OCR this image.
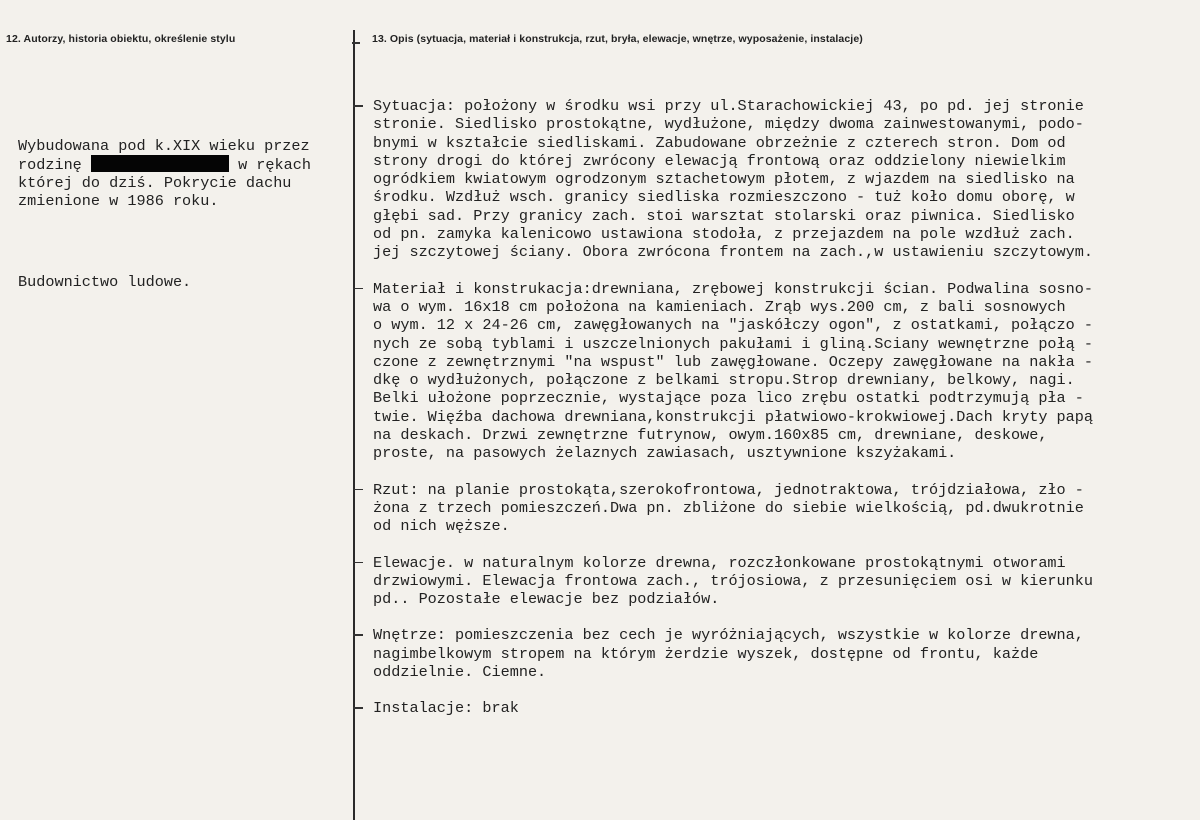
12. Autorzy, historia obiektu, określenie stylu	13. Opis (sytuacja, materiał i konstrukcja, rzut, bryła, elewacje, wnętrze, wyposażenie, instalacje)

Wybudowana pod k.XIX wieku przez
rodzinę	w rękach
której do dziś. Pokrycie dachu
zmienione w 1986 roku.

Budownictwo ludowe.

Sytuacja: położony w środku wsi przy ul.Starachowickiej 43, po pd. jej stronie
stronie. Siedlisko prostokątne, wydłużone, między dwoma zainwestowanymi, podo-
bnymi w kształcie siedliskami. Zabudowane obrzeżnie z czterech stron. Dom od
strony drogi do której zwrócony elewacją frontową oraz oddzielony niewielkim
ogródkiem kwiatowym ogrodzonym sztachetowym płotem, z wjazdem na siedlisko na
środku. Wzdłuż wsch. granicy siedliska rozmieszczono - tuż koło domu oborę, w
głębi sad. Przy granicy zach. stoi warsztat stolarski oraz piwnica. Siedlisko
od pn. zamyka kalenicowo ustawiona stodoła, z przejazdem na pole wzdłuż zach.
jej szczytowej ściany. Obora zwrócona frontem na zach.,w ustawieniu szczytowym.
Materiał i konstrukacja:drewniana, zrębowej konstrukcji ścian. Podwalina sosno-
wa o wym. 16x18 cm położona na kamieniach. Zrąb wys.200 cm, z bali sosnowych
o wym. 12 x 24-26 cm, zawęgłowanych na "jaskółczy ogon", z ostatkami, połączo -
nych ze sobą tyblami i uszczelnionych pakułami i gliną.Sciany wewnętrzne połą -
czone z zewnętrznymi "na wspust" lub zawęgłowane. Oczepy zawęgłowane na nakła -
dkę o wydłużonych, połączone z belkami stropu.Strop drewniany, belkowy, nagi.
Belki ułożone poprzecznie, wystające poza lico zrębu ostatki podtrzymują pła -
twie. Więźba dachowa drewniana,konstrukcji płatwiowo-krokwiowej.Dach kryty papą
na deskach. Drzwi zewnętrzne futrynow, owym.160x85 cm, drewniane, deskowe,
proste, na pasowych żelaznych zawiasach, usztywnione kszyżakami.
Rzut: na planie prostokąta,szerokofrontowa, jednotraktowa, trójdziałowa, zło -
żona z trzech pomieszczeń.Dwa pn. zbliżone do siebie wielkością, pd.dwukrotnie
od nich węższe.
Elewacje. w naturalnym kolorze drewna, rozczłonkowane prostokątnymi otworami
drzwiowymi. Elewacja frontowa zach., trójosiowa, z przesunięciem osi w kierunku
pd.. Pozostałe elewacje bez podziałów.
Wnętrze: pomieszczenia bez cech je wyróżniających, wszystkie w kolorze drewna,
nagimbelkowym stropem na którym żerdzie wyszek, dostępne od frontu, każde
oddzielnie. Ciemne.
Instalacje: brak
